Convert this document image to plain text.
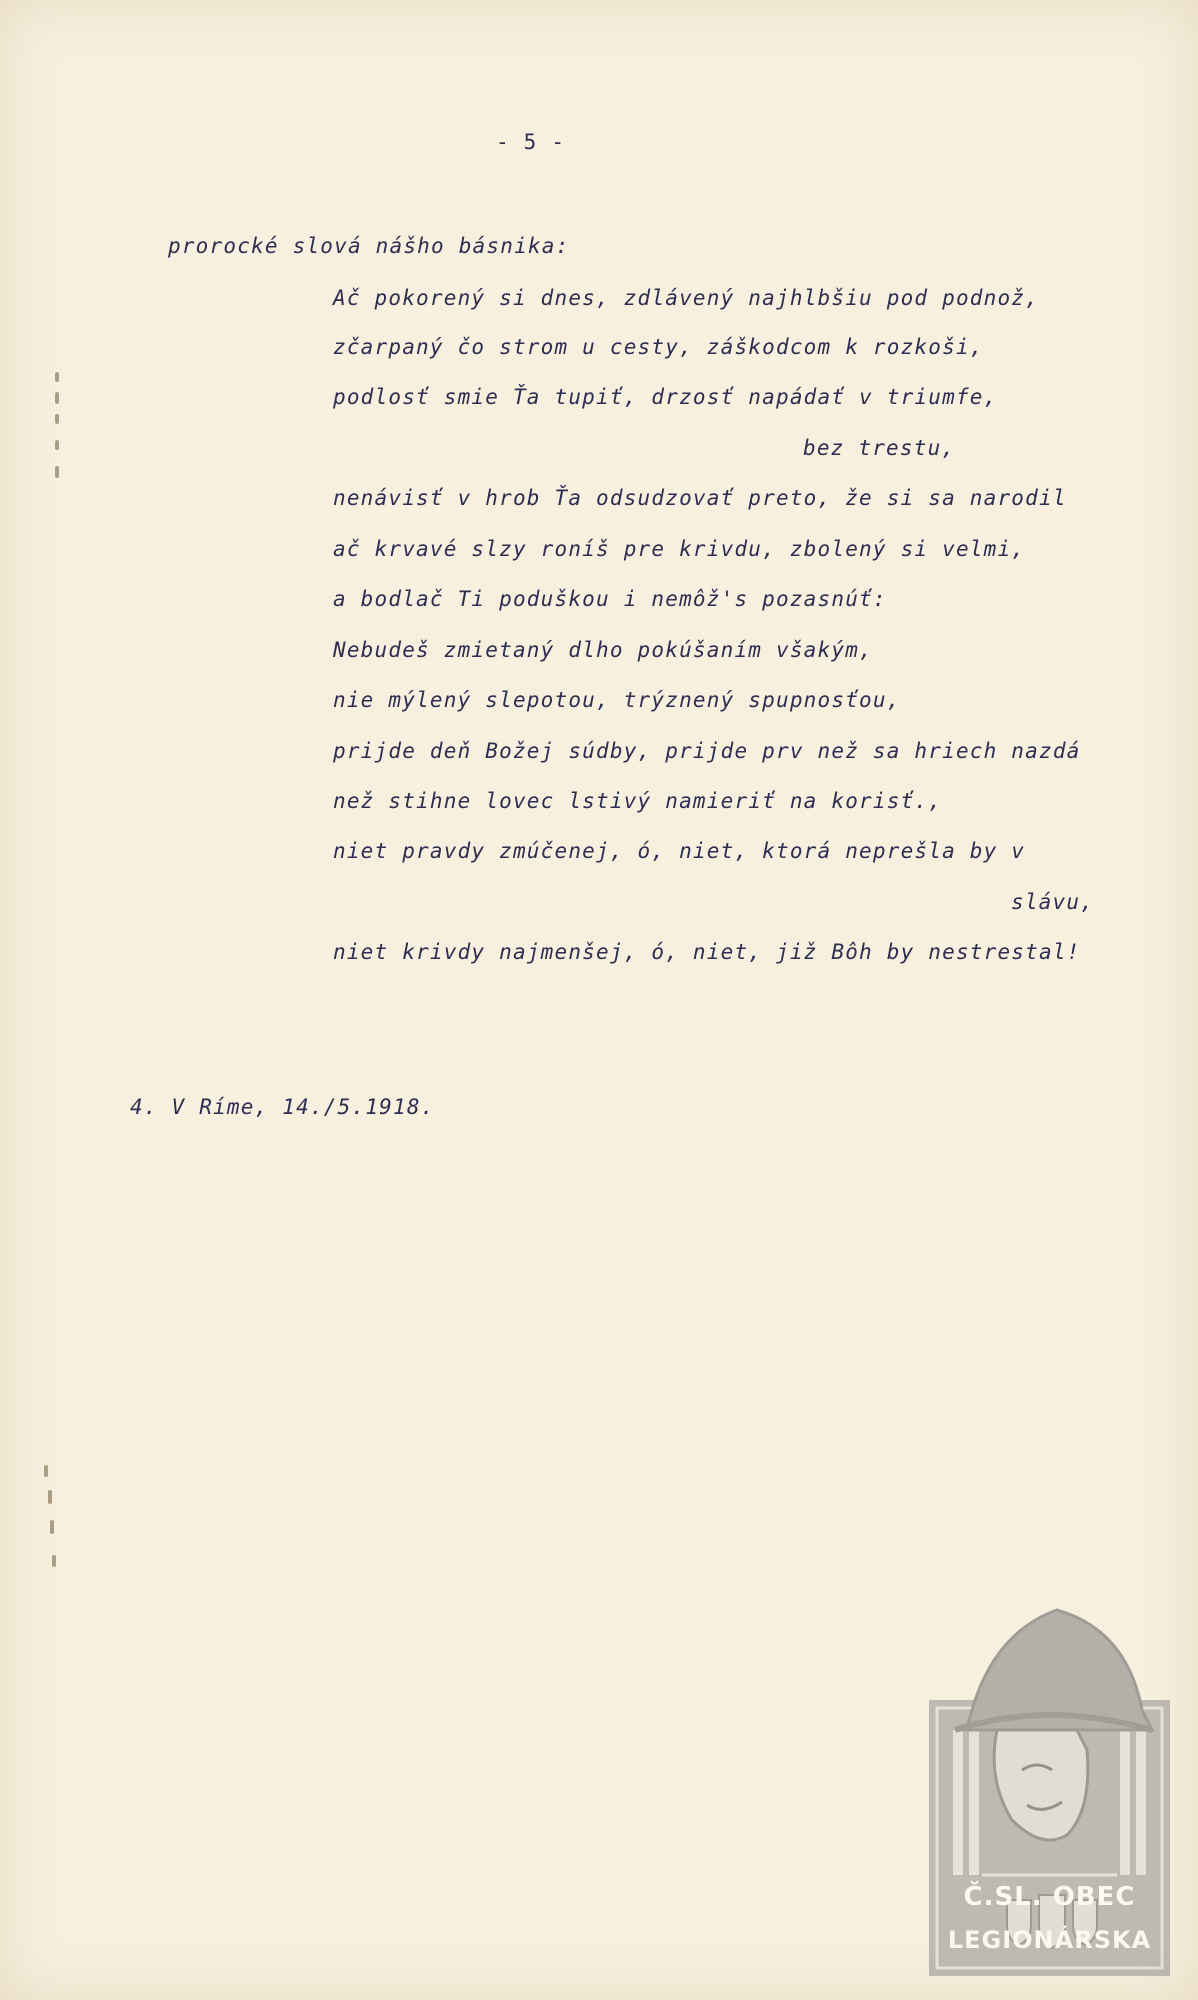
- 5 -
prorocké slová nášho básnika:
Ač pokorený si dnes, zdlávený najhlbšiu pod podnož,
zčarpaný čo strom u cesty, záškodcom k rozkoši,
podlosť smie Ťa tupiť, drzosť napádať v triumfe,
bez trestu,
nenávisť v hrob Ťa odsudzovať preto, že si sa narodil
ač krvavé slzy roníš pre krivdu, zbolený si velmi,
a bodlač Ti poduškou i nemôž's pozasnúť:
Nebudeš zmietaný dlho pokúšaním všakým,
nie mýlený slepotou, trýznený spupnosťou,
prijde deň Božej súdby, prijde prv než sa hriech nazdá
než stihne lovec lstivý namieriť na korisť.,
niet pravdy zmúčenej, ó, niet, ktorá neprešla by v
slávu,
niet krivdy najmenšej, ó, niet, již Bôh by nestrestal!
4. V Ríme, 14./5.1918.
Č.SL. OBEC
LEGIONÁRSKA
